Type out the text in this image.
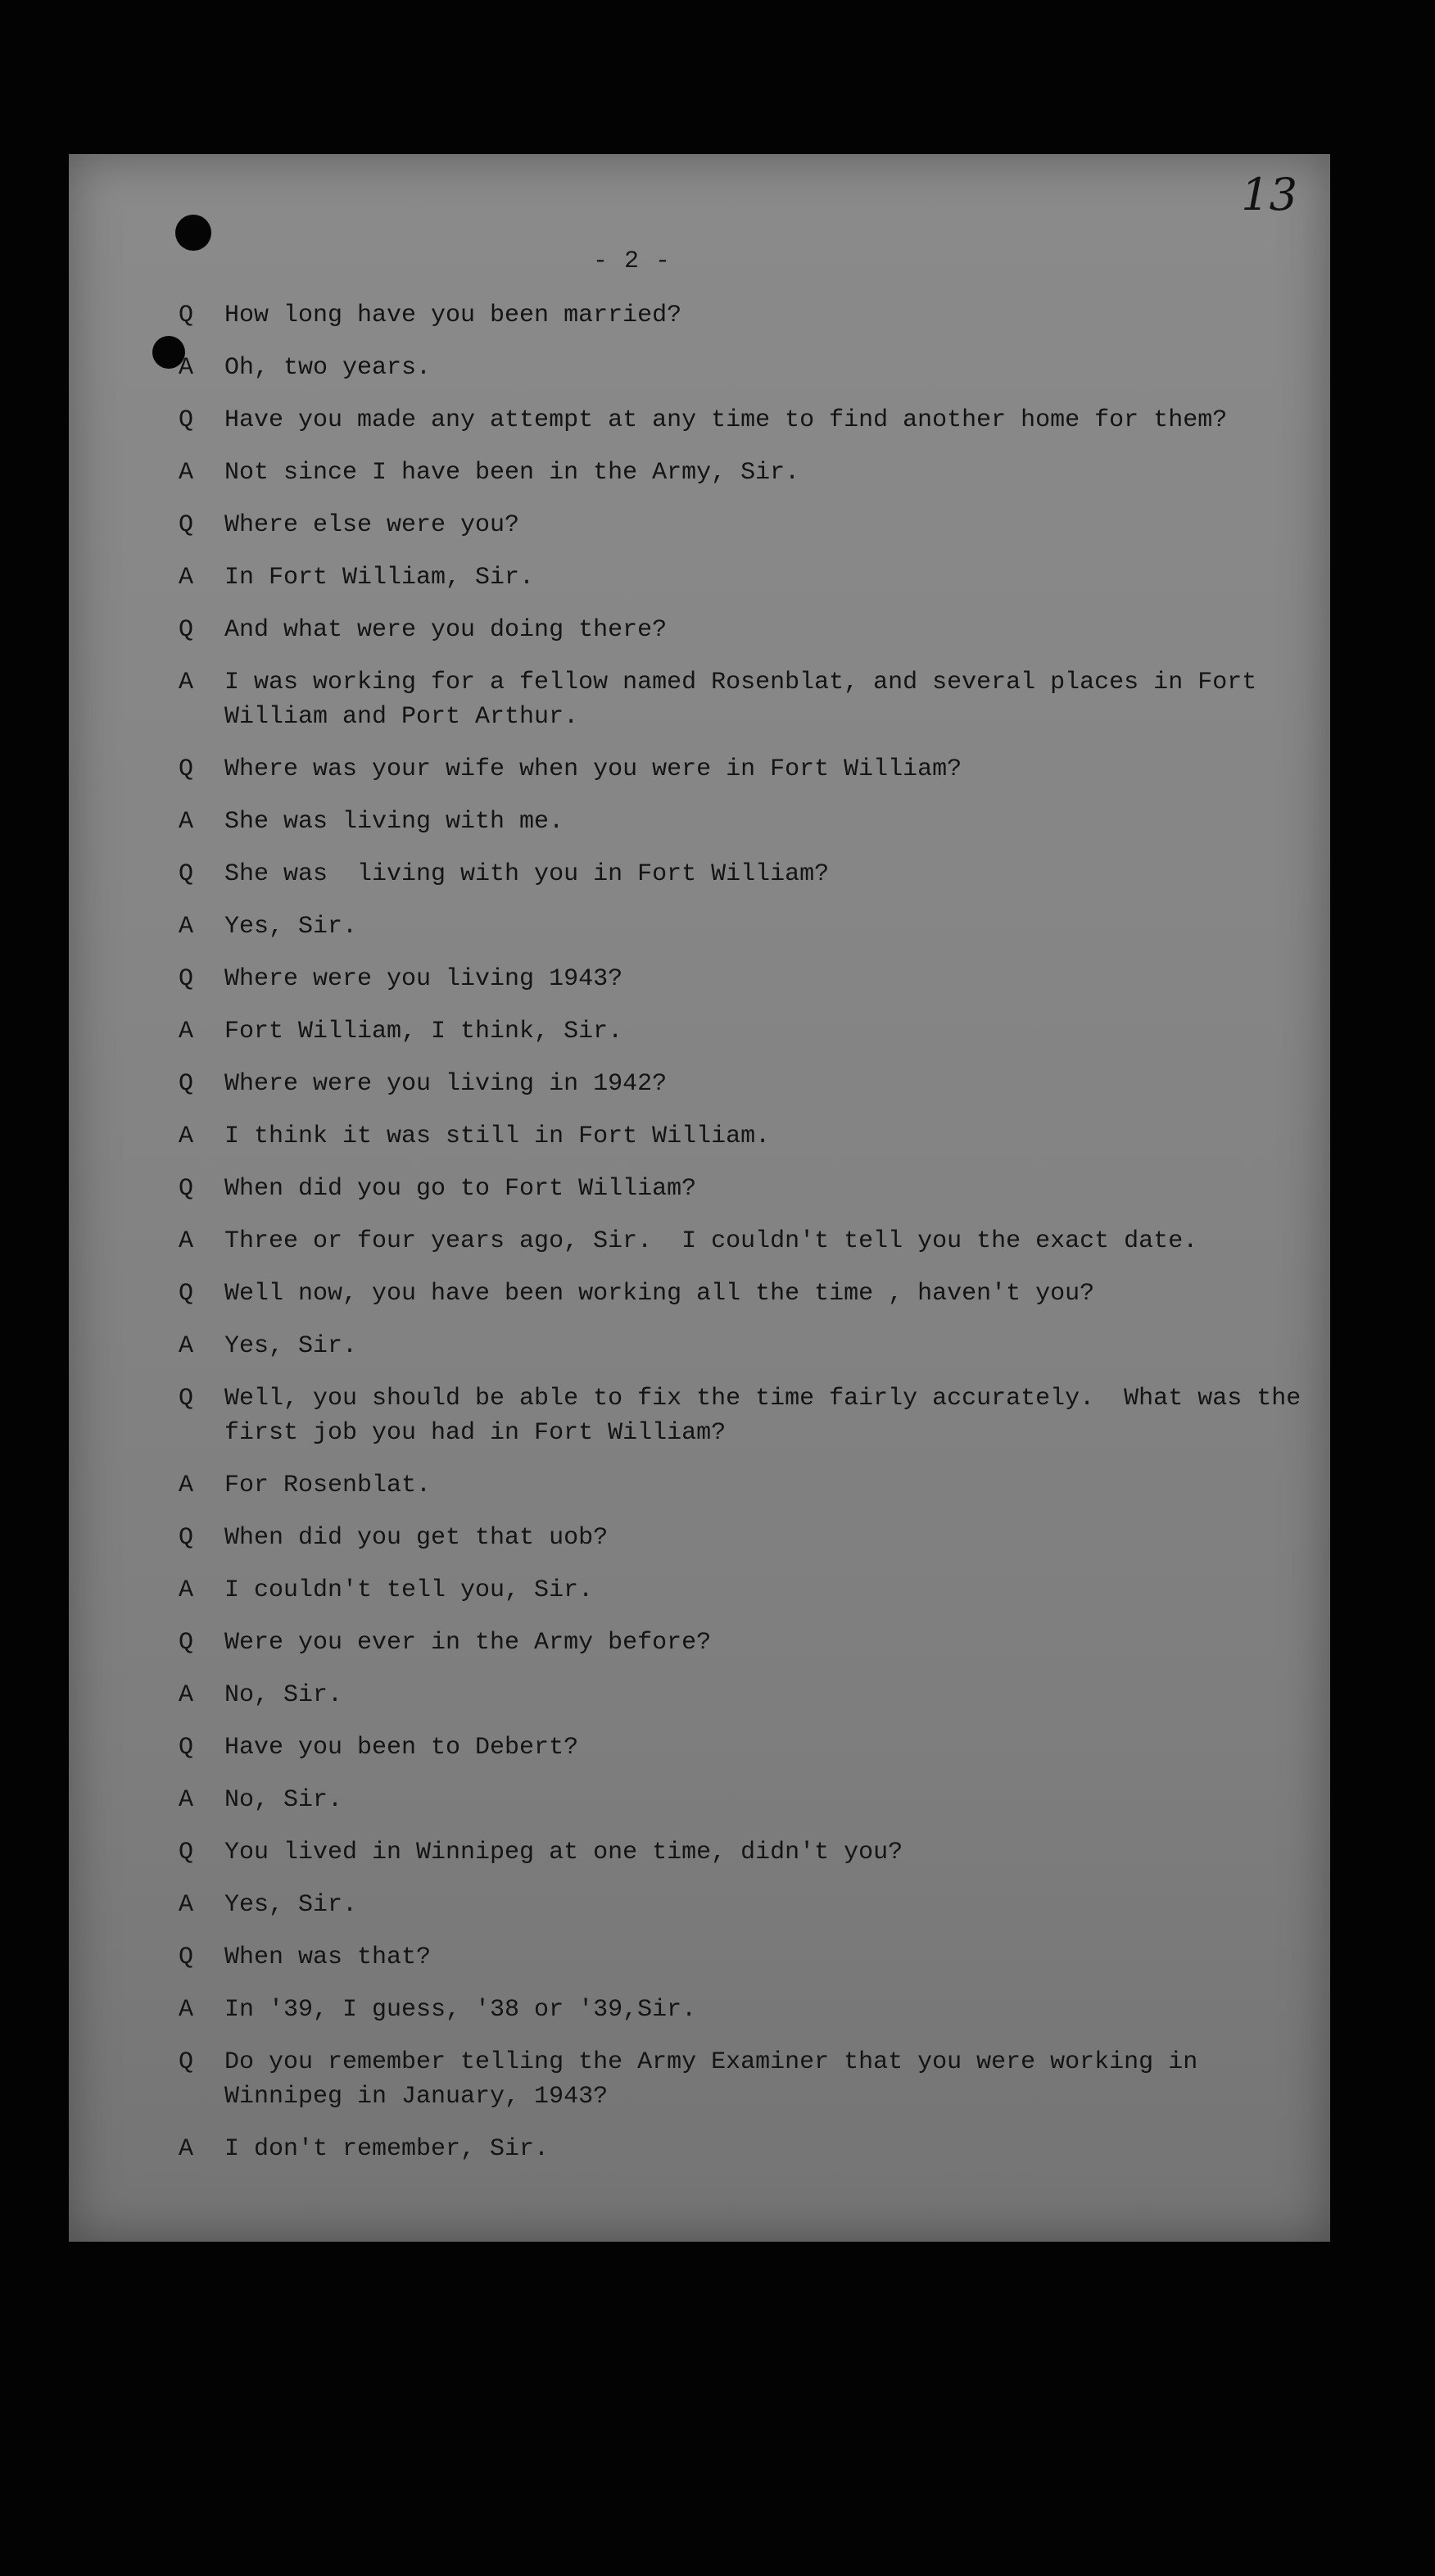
13
- 2 -
Q	How long have you been married?
A	Oh, two years.
Q	Have you made any attempt at any time to find another home for them?
A	Not since I have been in the Army, Sir.
Q	Where else were you?
A	In Fort William, Sir.
Q	And what were you doing there?
A	I was working for a fellow named Rosenblat, and several places in Fort William and Port Arthur.
Q	Where was your wife when you were in Fort William?
A	She was living with me.
Q	She was  living with you in Fort William?
A	Yes, Sir.
Q	Where were you living 1943?
A	Fort William, I think, Sir.
Q	Where were you living in 1942?
A	I think it was still in Fort William.
Q	When did you go to Fort William?
A	Three or four years ago, Sir.  I couldn't tell you the exact date.
Q	Well now, you have been working all the time , haven't you?
A	Yes, Sir.
Q	Well, you should be able to fix the time fairly accurately.  What was the first job you had in Fort William?
A	For Rosenblat.
Q	When did you get that uob?
A	I couldn't tell you, Sir.
Q	Were you ever in the Army before?
A	No, Sir.
Q	Have you been to Debert?
A	No, Sir.
Q	You lived in Winnipeg at one time, didn't you?
A	Yes, Sir.
Q	When was that?
A	In '39, I guess, '38 or '39,Sir.
Q	Do you remember telling the Army Examiner that you were working in Winnipeg in January, 1943?
A	I don't remember, Sir.
